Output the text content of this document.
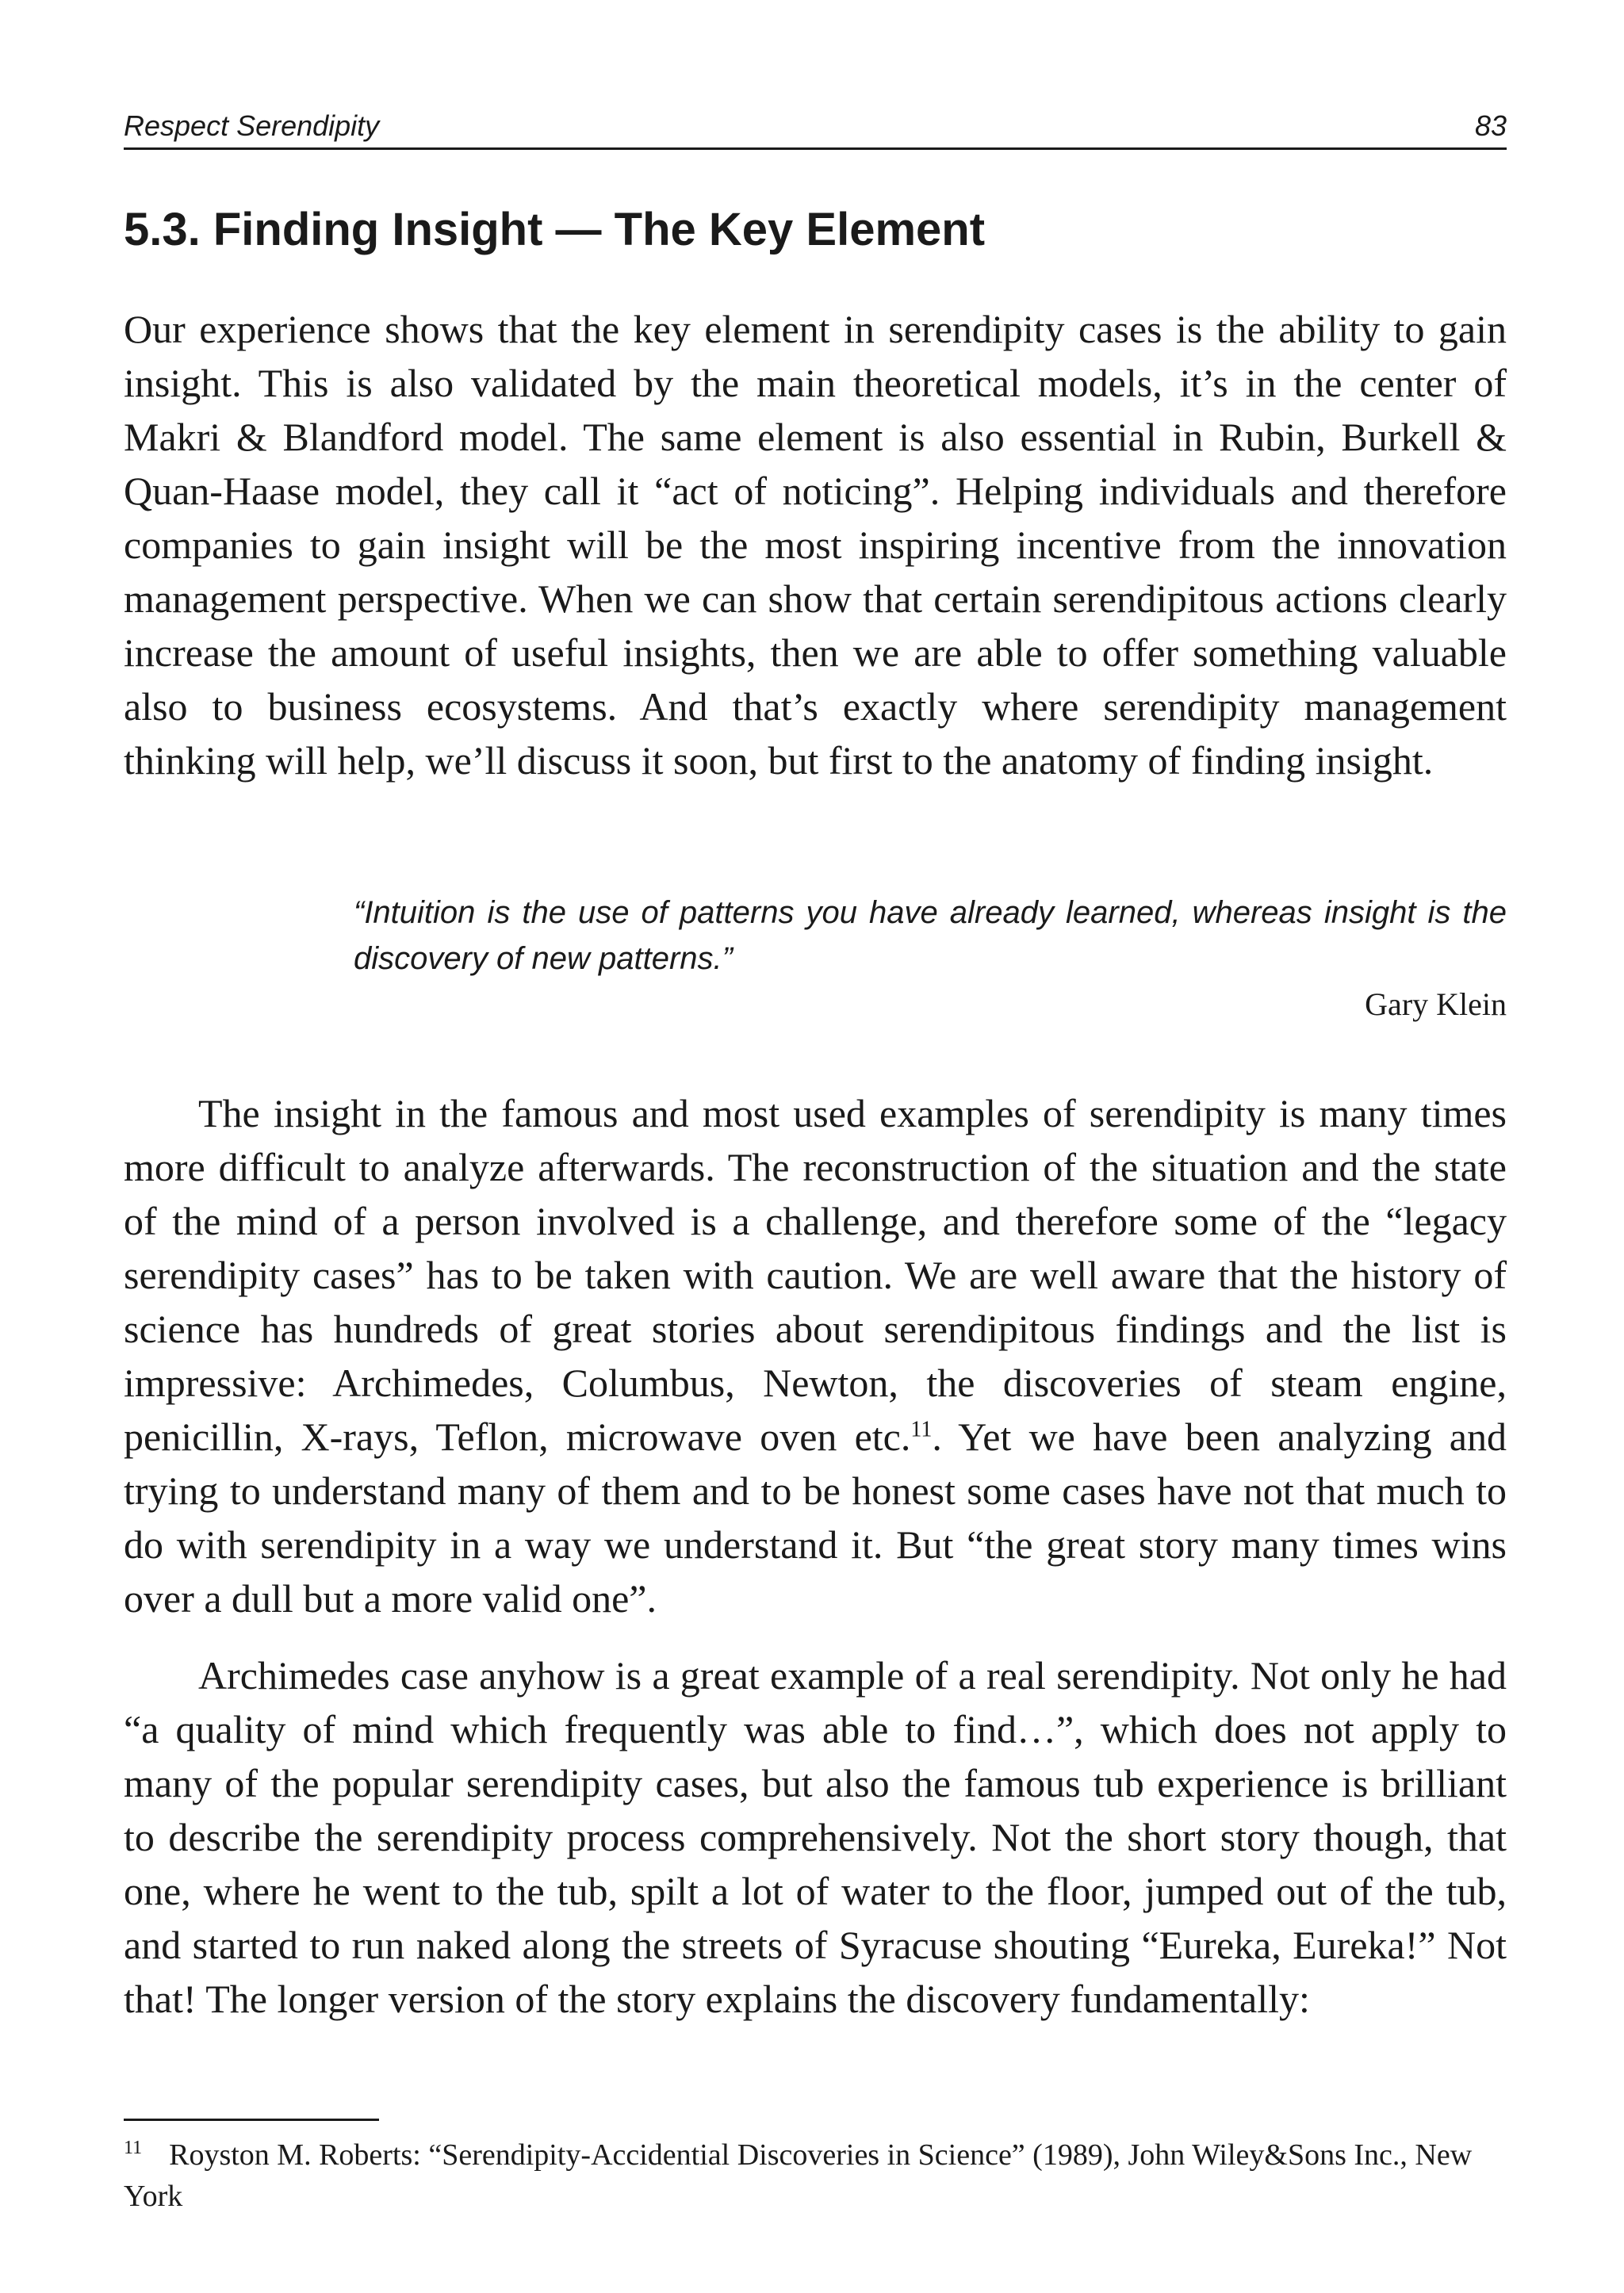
Respect Serendipity	83
5.3. Finding Insight — The Key Element

Our experience shows that the key element in serendipity cases is the ability to gain insight. This is also validated by the main theoretical models, it’s in the center of Makri & Blandford model. The same element is also essential in Rubin, Burkell & Quan-Haase model, they call it “act of noticing”. Helping individuals and therefore companies to gain insight will be the most inspiring incentive from the innovation management perspective. When we can show that certain serendipitous actions clearly increase the amount of useful insights, then we are able to offer something valuable also to business ecosystems. And that’s exactly where serendipity management thinking will help, we’ll discuss it soon, but first to the anatomy of finding insight.

“Intuition is the use of patterns you have already learned, whereas insight is the discovery of new patterns.”

Gary Klein

The insight in the famous and most used examples of serendipity is many times more difficult to analyze afterwards. The reconstruction of the situation and the state of the mind of a person involved is a challenge, and therefore some of the “legacy serendipity cases” has to be taken with caution. We are well aware that the history of science has hundreds of great stories about serendipitous findings and the list is impressive: Archimedes, Columbus, Newton, the discoveries of steam engine, penicillin, X-rays, Teflon, microwave oven etc.$^{11}$. Yet we have been analyzing and trying to understand many of them and to be honest some cases have not that much to do with serendipity in a way we understand it. But “the great story many times wins over a dull but a more valid one”.

Archimedes case anyhow is a great example of a real serendipity. Not only he had “a quality of mind which frequently was able to find…”, which does not apply to many of the popular serendipity cases, but also the famous tub experience is brilliant to describe the serendipity process comprehensively. Not the short story though, that one, where he went to the tub, spilt a lot of water to the floor, jumped out of the tub, and started to run naked along the streets of Syracuse shouting “Eureka, Eureka!” Not that! The longer version of the story explains the discovery fundamentally:

$^{11}$ Royston M. Roberts: “Serendipity-Accidential Discoveries in Science” (1989), John Wiley&Sons Inc., New York
